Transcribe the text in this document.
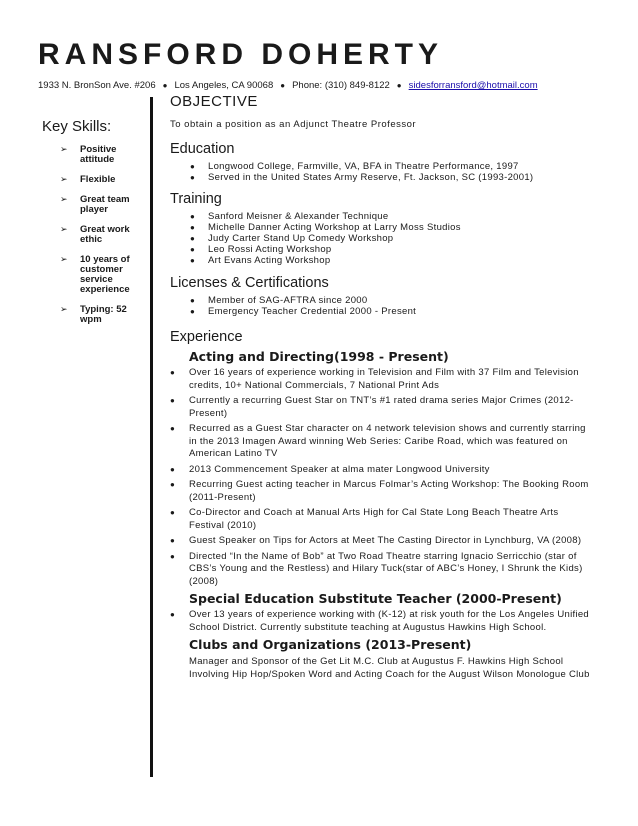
RANSFORD DOHERTY
1933 N. BronSon Ave. #206 ● Los Angeles, CA 90068 ● Phone: (310) 849-8122 ● sidesforransford@hotmail.com
Key Skills:
➢ Positive attitude
➢ Flexible
➢ Great team player
➢ Great work ethic
➢ 10 years of customer service experience
➢ Typing: 52 wpm
OBJECTIVE

To obtain a position as an Adjunct Theatre Professor

Education
● Longwood College, Farmville, VA, BFA in Theatre Performance, 1997
● Served in the United States Army Reserve, Ft. Jackson, SC (1993-2001)
Training
● Sanford Meisner & Alexander Technique
● Michelle Danner Acting Workshop at Larry Moss Studios
● Judy Carter Stand Up Comedy Workshop
● Leo Rossi Acting Workshop
● Art Evans Acting Workshop
Licenses & Certifications
● Member of SAG-AFTRA since 2000
● Emergency Teacher Credential 2000 - Present
Experience
Acting and Directing(1998 - Present)
● Over 16 years of experience working in Television and Film with 37 Film and Television credits, 10+ National Commercials, 7 National Print Ads
● Currently a recurring Guest Star on TNT’s #1 rated drama series Major Crimes (2012- Present)
● Recurred as a Guest Star character on 4 network television shows and currently starring in the 2013 Imagen Award winning Web Series: Caribe Road, which was featured on American Latino TV
● 2013 Commencement Speaker at alma mater Longwood University
● Recurring Guest acting teacher in Marcus Folmar’s Acting Workshop: The Booking Room (2011-Present)
● Co-Director and Coach at Manual Arts High for Cal State Long Beach Theatre Arts Festival (2010)
● Guest Speaker on Tips for Actors at Meet The Casting Director in Lynchburg, VA (2008)
● Directed “In the Name of Bob” at Two Road Theatre starring Ignacio Serricchio (star of CBS’s Young and the Restless) and Hilary Tuck(star of ABC’s Honey, I Shrunk the Kids) (2008)
Special Education Substitute Teacher (2000-Present)
● Over 13 years of experience working with (K-12) at risk youth for the Los Angeles Unified School District. Currently substitute teaching at Augustus Hawkins High School.
Clubs and Organizations (2013-Present)

Manager and Sponsor of the Get Lit M.C. Club at Augustus F. Hawkins High School Involving Hip Hop/Spoken Word and Acting Coach for the August Wilson Monologue Club
